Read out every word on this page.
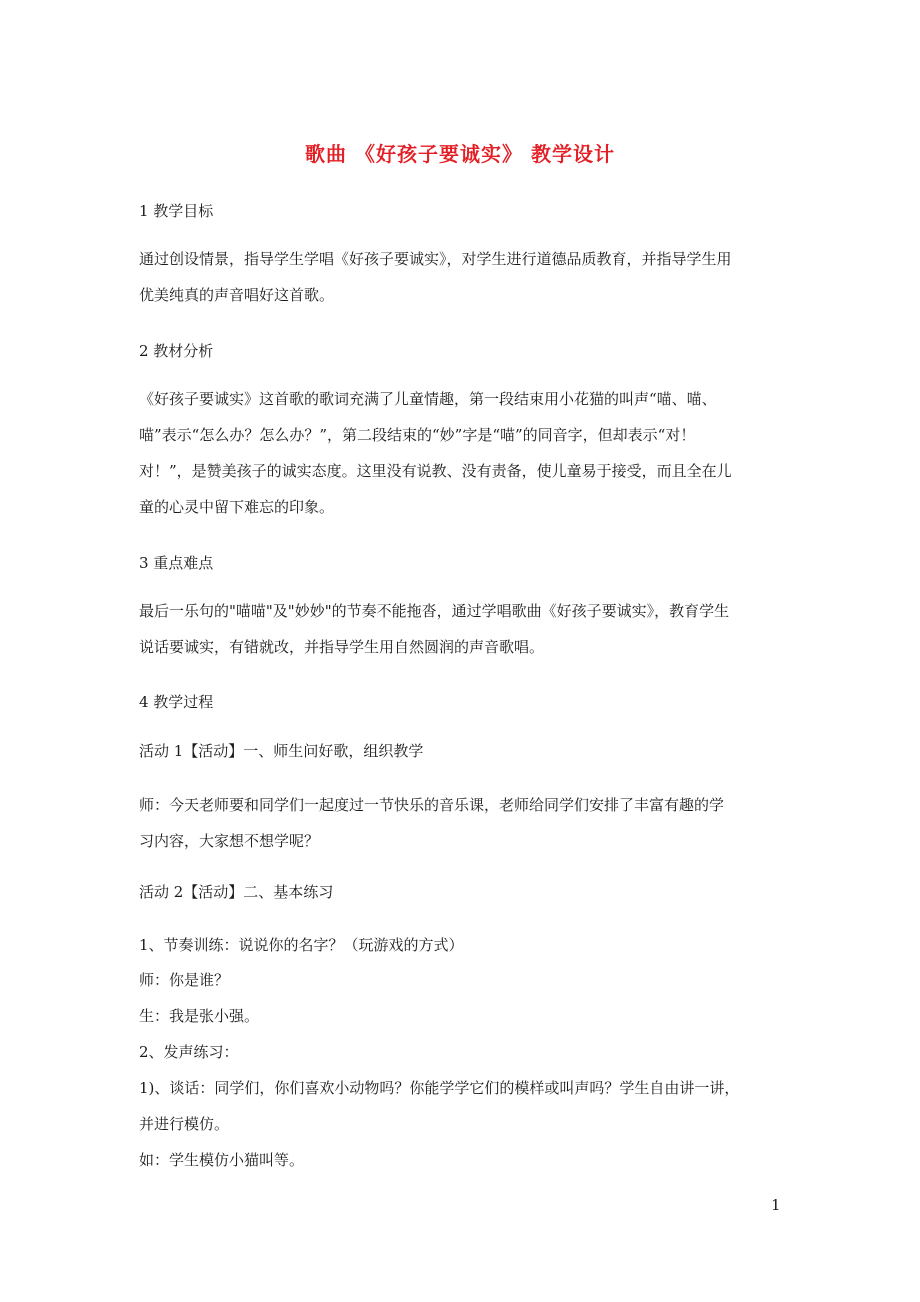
歌曲 《好孩子要诚实》 教学设计
1 教学目标
通过创设情景，指导学生学唱《好孩子要诚实》，对学生进行道德品质教育，并指导学生用
优美纯真的声音唱好这首歌。
2 教材分析
《好孩子要诚实》这首歌的歌词充满了儿童情趣，第一段结束用小花猫的叫声“喵、喵、
喵”表示“怎么办？怎么办？”，第二段结束的“妙”字是“喵”的同音字，但却表示“对！
对！”，是赞美孩子的诚实态度。这里没有说教、没有责备，使儿童易于接受，而且全在儿
童的心灵中留下难忘的印象。
3 重点难点
最后一乐句的"喵喵"及"妙妙"的节奏不能拖沓，通过学唱歌曲《好孩子要诚实》，教育学生
说话要诚实，有错就改，并指导学生用自然圆润的声音歌唱。
4 教学过程
活动 1【活动】一、师生问好歌，组织教学
师：今天老师要和同学们一起度过一节快乐的音乐课，老师给同学们安排了丰富有趣的学
习内容，大家想不想学呢？
活动 2【活动】二、基本练习
1、节奏训练：说说你的名字？（玩游戏的方式）
师：你是谁？
生：我是张小强。
2、发声练习：
1)、谈话：同学们，你们喜欢小动物吗？你能学学它们的模样或叫声吗？学生自由讲一讲，
并进行模仿。
如：学生模仿小猫叫等。
1
